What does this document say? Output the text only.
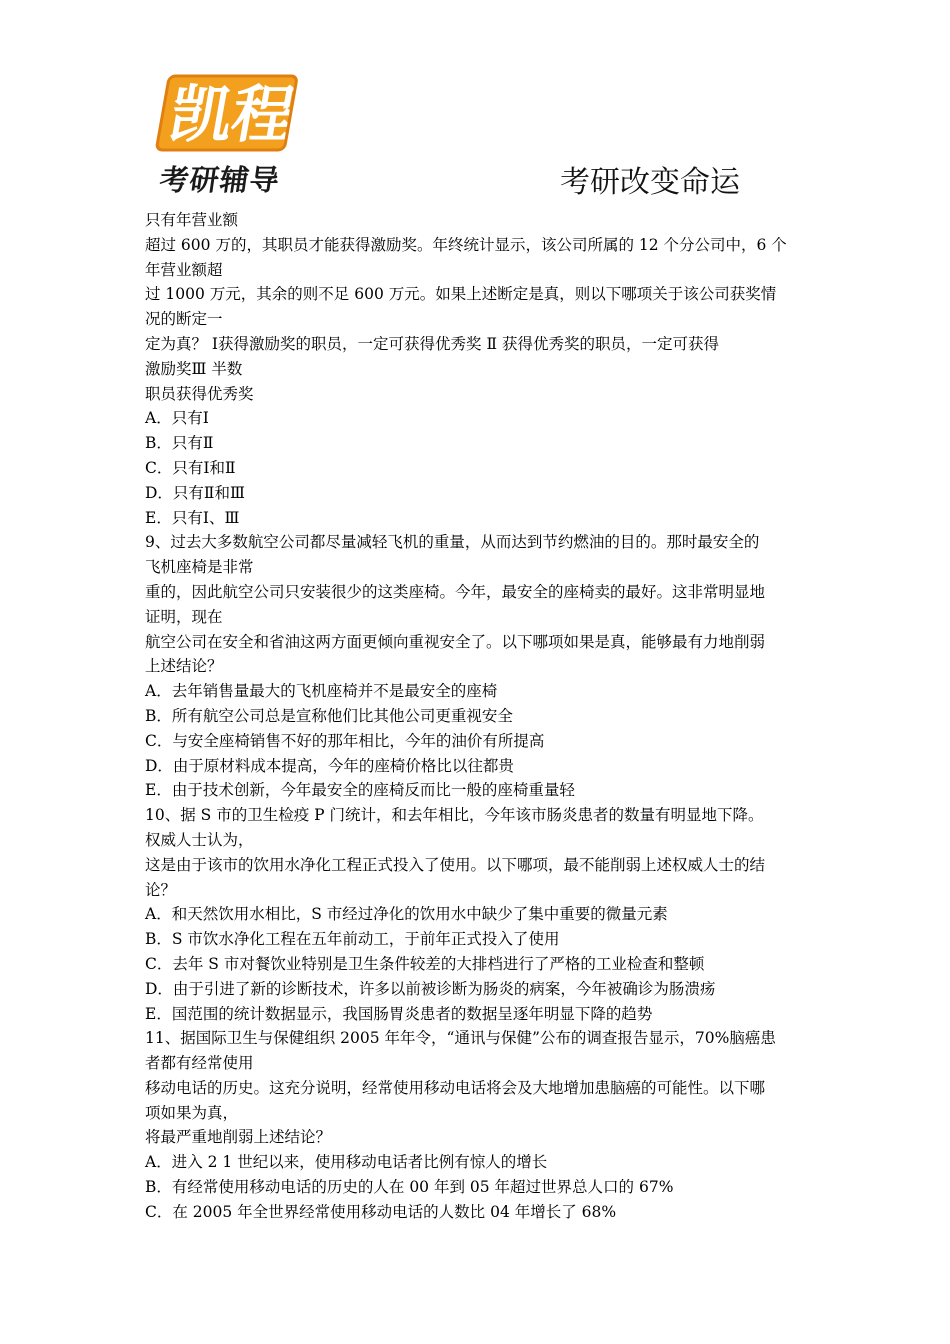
凯程
考研辅导	考研改变命运

只有年营业额

超过 600 万的，其职员才能获得激励奖。年终统计显示，该公司所属的 12 个分公司中，6 个

年营业额超

过 1000 万元，其余的则不足 600 万元。如果上述断定是真，则以下哪项关于该公司获奖情

况的断定一

定为真？ Ⅰ获得激励奖的职员，一定可获得优秀奖 Ⅱ 获得优秀奖的职员，一定可获得

激励奖Ⅲ 半数

职员获得优秀奖

A．只有Ⅰ

B．只有Ⅱ

C．只有Ⅰ和Ⅱ

D．只有Ⅱ和Ⅲ

E．只有Ⅰ、Ⅲ

9、过去大多数航空公司都尽量减轻飞机的重量，从而达到节约燃油的目的。那时最安全的

飞机座椅是非常

重的，因此航空公司只安装很少的这类座椅。今年，最安全的座椅卖的最好。这非常明显地

证明，现在

航空公司在安全和省油这两方面更倾向重视安全了。以下哪项如果是真，能够最有力地削弱

上述结论？

A．去年销售量最大的飞机座椅并不是最安全的座椅

B．所有航空公司总是宣称他们比其他公司更重视安全

C．与安全座椅销售不好的那年相比，今年的油价有所提高

D．由于原材料成本提高，今年的座椅价格比以往都贵

E．由于技术创新，今年最安全的座椅反而比一般的座椅重量轻

10、据 S 市的卫生检疫 P 门统计，和去年相比，今年该市肠炎患者的数量有明显地下降。

权威人士认为，

这是由于该市的饮用水净化工程正式投入了使用。以下哪项，最不能削弱上述权威人士的结

论？

A．和天然饮用水相比，S 市经过净化的饮用水中缺少了集中重要的微量元素

B．S 市饮水净化工程在五年前动工，于前年正式投入了使用

C．去年 S 市对餐饮业特别是卫生条件较差的大排档进行了严格的工业检查和整顿

D．由于引进了新的诊断技术，许多以前被诊断为肠炎的病案，今年被确诊为肠溃疡

E．国范围的统计数据显示，我国肠胃炎患者的数据呈逐年明显下降的趋势

11、据国际卫生与保健组织 2005 年年令，“通讯与保健”公布的调查报告显示，70%脑癌患

者都有经常使用

移动电话的历史。这充分说明，经常使用移动电话将会及大地增加患脑癌的可能性。以下哪

项如果为真，

将最严重地削弱上述结论？

A．进入 2 1 世纪以来，使用移动电话者比例有惊人的增长

B．有经常使用移动电话的历史的人在 00 年到 05 年超过世界总人口的 67%

C．在 2005 年全世界经常使用移动电话的人数比 04 年增长了 68%
